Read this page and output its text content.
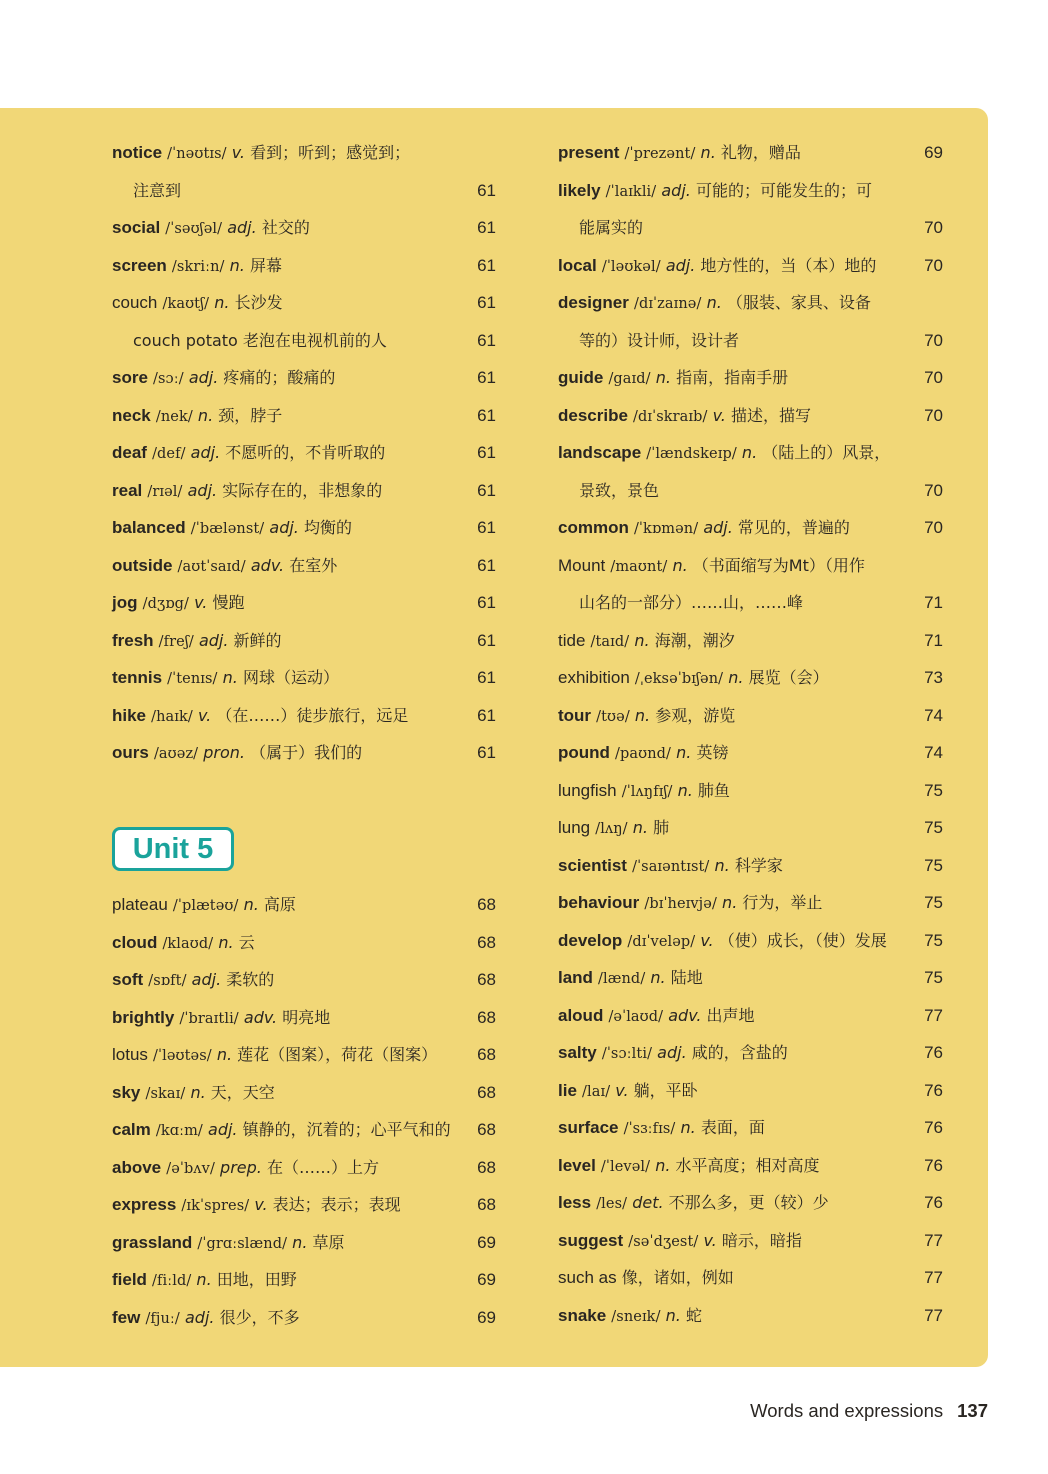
notice /ˈnəʊtɪs/ v. 看到；听到；感觉到；
注意到	61
social /ˈsəʊʃəl/ adj. 社交的	61
screen /skriːn/ n. 屏幕	61
couch /kaʊtʃ/ n. 长沙发	61
couch potato 老泡在电视机前的人	61
sore /sɔː/ adj. 疼痛的；酸痛的	61
neck /nek/ n. 颈，脖子	61
deaf /def/ adj. 不愿听的，不肯听取的	61
real /rɪəl/ adj. 实际存在的，非想象的	61
balanced /ˈbælənst/ adj. 均衡的	61
outside /aʊtˈsaɪd/ adv. 在室外	61
jog /dʒɒg/ v. 慢跑	61
fresh /freʃ/ adj. 新鲜的	61
tennis /ˈtenɪs/ n. 网球（运动）	61
hike /haɪk/ v. （在……）徒步旅行，远足	61
ours /aʊəz/ pron. （属于）我们的	61
plateau /ˈplætəʊ/ n. 高原	68
cloud /klaʊd/ n. 云	68
soft /sɒft/ adj. 柔软的	68
brightly /ˈbraɪtli/ adv. 明亮地	68
lotus /ˈləʊtəs/ n. 莲花（图案），荷花（图案） 68
sky /skaɪ/ n. 天，天空	68
calm /kɑːm/ adj. 镇静的，沉着的；心平气和的 68
above /əˈbʌv/ prep. 在（……）上方	68
express /ɪkˈspres/ v. 表达；表示；表现	68
grassland /ˈgrɑːslænd/ n. 草原	69
field /fiːld/ n. 田地，田野	69
few /fjuː/ adj. 很少，不多	69
present /ˈprezənt/ n. 礼物，赠品	69
likely /ˈlaɪkli/ adj. 可能的；可能发生的；可
能属实的	70
local /ˈləʊkəl/ adj. 地方性的，当（本）地的	70
designer /dɪˈzaɪnə/ n. （服装、家具、设备
等的）设计师，设计者	70
guide /gaɪd/ n. 指南，指南手册	70
describe /dɪˈskraɪb/ v. 描述，描写	70
landscape /ˈlændskeɪp/ n. （陆上的）风景，
景致，景色	70
common /ˈkɒmən/ adj. 常见的，普遍的	70
Mount /maʊnt/ n. （书面缩写为Mt）（用作
山名的一部分）……山，……峰	71
tide /taɪd/ n. 海潮，潮汐	71
exhibition /ˌeksəˈbɪʃən/ n. 展览（会）	73
tour /tʊə/ n. 参观，游览	74
pound /paʊnd/ n. 英镑	74
lungfish /ˈlʌŋfɪʃ/ n. 肺鱼	75
lung /lʌŋ/ n. 肺	75
scientist /ˈsaɪəntɪst/ n. 科学家	75
behaviour /bɪˈheɪvjə/ n. 行为，举止	75
develop /dɪˈveləp/ v. （使）成长，（使）发展 75
land /lænd/ n. 陆地	75
aloud /əˈlaʊd/ adv. 出声地	77
salty /ˈsɔːlti/ adj. 咸的，含盐的	76
lie /laɪ/ v. 躺，平卧	76
surface /ˈsɜːfɪs/ n. 表面，面	76
level /ˈlevəl/ n. 水平高度；相对高度	76
less /les/ det. 不那么多，更（较）少	76
suggest /səˈdʒest/ v. 暗示，暗指	77
such as 像，诸如，例如	77
snake /sneɪk/ n. 蛇	77
Unit 5
Words and expressions 137
